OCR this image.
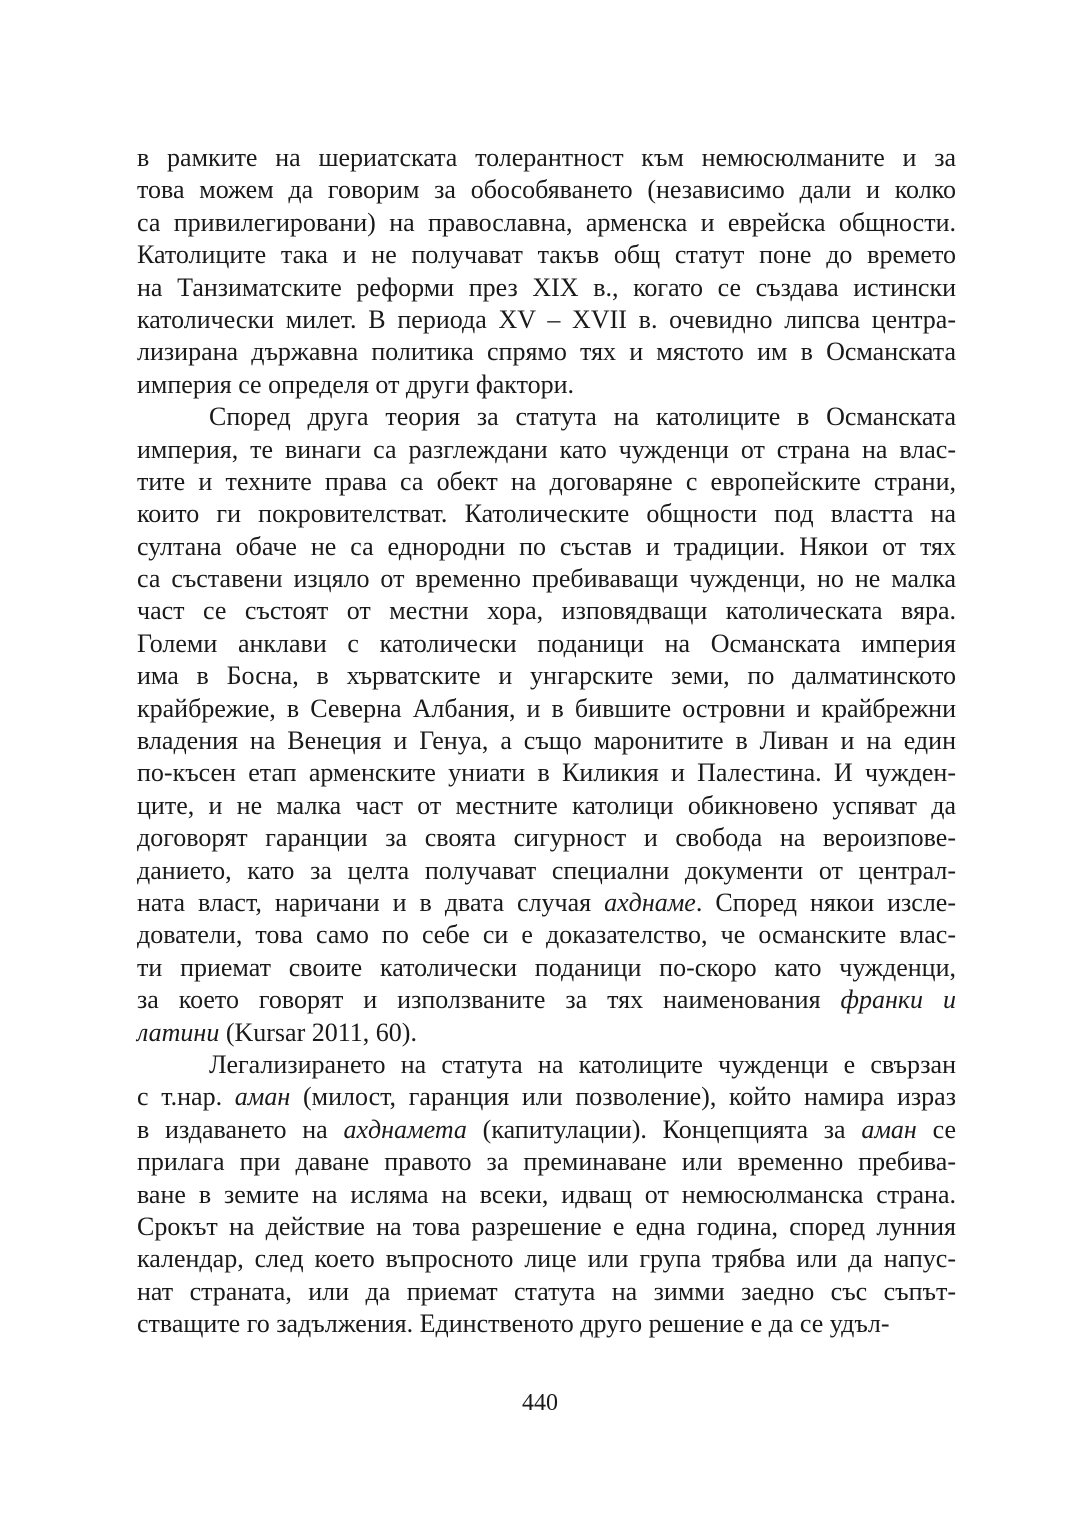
в рамките на шериатската толерантност към немюсюлманите и за
това можем да говорим за обособяването (независимо дали и колко
са привилегировани) на православна, арменска и еврейска общности.
Католиците така и не получават такъв общ статут поне до времето
на Танзиматските реформи през XIX в., когато се създава истински
католически милет. В периода XV – XVII в. очевидно липсва центра-
лизирана държавна политика спрямо тях и мястото им в Османската
империя се определя от други фактори.
Според друга теория за статута на католиците в Османската
империя, те винаги са разглеждани като чужденци от страна на влас-
тите и техните права са обект на договаряне с европейските страни,
които ги покровителстват. Католическите общности под властта на
султана обаче не са еднородни по състав и традиции. Някои от тях
са съставени изцяло от временно пребиваващи чужденци, но не малка
част се състоят от местни хора, изповядващи католическата вяра.
Големи анклави с католически поданици на Османската империя
има в Босна, в хърватските и унгарските земи, по далматинското
крайбрежие, в Северна Албания, и в бившите островни и крайбрежни
владения на Венеция и Генуа, а също маронитите в Ливан и на един
по-късен етап арменските униати в Киликия и Палестина. И чужден-
ците, и не малка част от местните католици обикновено успяват да
договорят гаранции за своята сигурност и свобода на вероизпове-
данието, като за целта получават специални документи от централ-
ната власт, наричани и в двата случая ахднаме. Според някои изсле-
дователи, това само по себе си е доказателство, че османските влас-
ти приемат своите католически поданици по-скоро като чужденци,
за което говорят и използваните за тях наименования франки и
латини (Kursar 2011, 60).
Легализирането на статута на католиците чужденци е свързан
с т.нар. аман (милост, гаранция или позволение), който намира израз
в издаването на ахднамета (капитулации). Концепцията за аман се
прилага при даване правото за преминаване или временно пребива-
ване в земите на исляма на всеки, идващ от немюсюлманска страна.
Срокът на действие на това разрешение е една година, според лунния
календар, след което въпросното лице или група трябва или да напус-
нат страната, или да приемат статута на зимми заедно със съпът-
стващите го задължения. Единственото друго решение е да се удъл-
440
